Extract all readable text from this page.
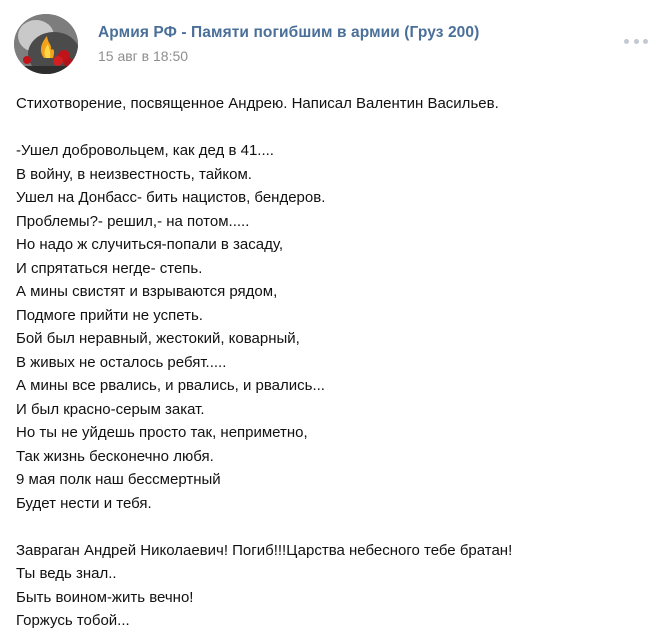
Армия РФ - Памяти погибшим в армии (Груз 200)
15 авг в 18:50
Стихотворение, посвященное Андрею. Написал Валентин Васильев.
-Ушел добровольцем, как дед в 41....
В войну, в неизвестность, тайком.
Ушел на Донбасс- бить нацистов, бендеров.
Проблемы?- решил,- на потом.....
Но надо ж случиться-попали в засаду,
И спрятаться негде- степь.
А мины свистят и взрываются рядом,
Подмоге прийти не успеть.
Бой был неравный, жестокий, коварный,
В живых не осталось ребят.....
А мины все рвались, и рвались, и рвались...
И был красно-серым закат.
Но ты не уйдешь просто так, неприметно,
Так жизнь бесконечно любя.
9 мая полк наш бессмертный
Будет нести и тебя.
Завраган Андрей Николаевич! Погиб!!!Царства небесного тебе братан!
Ты ведь знал..
Быть воином-жить вечно!
Горжусь тобой...
